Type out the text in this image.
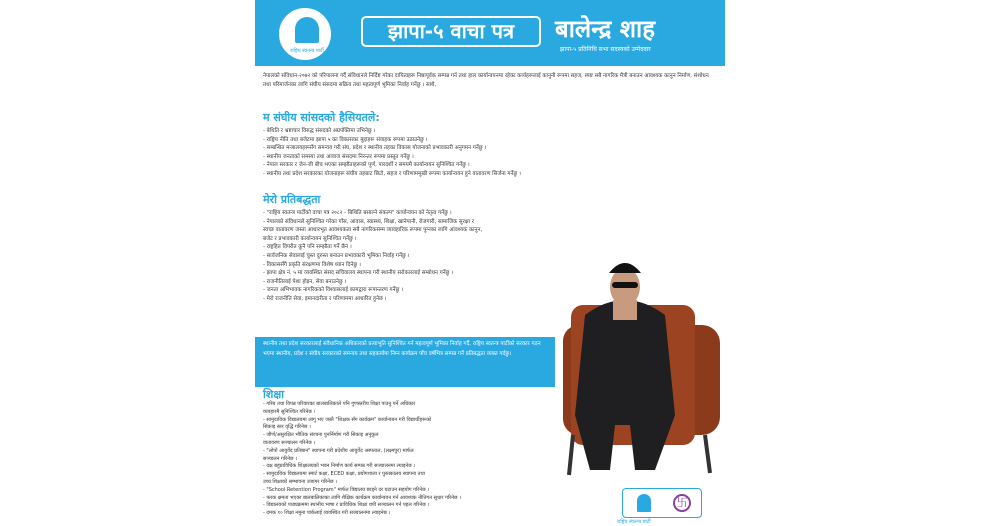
राष्ट्रिय स्वतन्त्र पार्टी
झापा-५ वाचा पत्र	बालेन्द्र शाह
झापा-५ प्रतिनिधि सभा सदस्यको उम्मेदवार

नेपालको संविधान-२०७२ को परिपालना गर्दै संविधानले निर्दिष्ट गरेका दायित्वहरू निष्ठापूर्वक सम्पन्न गर्न तथा हाल कार्यान्वयनमा रहेका कार्यहरूलाई कानुनी रूपमा सहज, स्पष्ट सबै नागरिक मैत्री बनाउन आवश्यक कानुन निर्माण, संशोधन तथा परिमार्जनका लागि संघीय संसदमा सक्रिय तथा महत्वपूर्ण भूमिका निर्वाह गर्नेछु । साथै,

म संघीय सांसदको हैसियतले:
- बेथिति र भ्रष्टाचार विरुद्ध संसदको अग्रपंक्तिमा उभिनेछु ।
- राष्ट्रिय नीति तथा बजेटमा झापा ५ का विकासका मुद्दाहरू संवाहक रूपमा उठाउनेछु ।
- सम्बन्धित मन्त्रालयहरूसँग समन्वय गरी संघ, प्रदेश र स्थानीय तहका विकास योजनाको प्रभावकारी अनुगमन गर्नेछु ।
- स्थानीय जनताको समस्या तथा आवाज संसदमा निरन्तर रूपमा प्रस्तुत गर्नेछु ।
- नेपाल सरकार र जेन-जी बीच भएका सम्झौताहरूको पूर्ण, पारदर्शी र समयमै कार्यान्वयन सुनिश्चित गर्नेछु ।
- स्थानीय तथा प्रदेश सरकारका योजनाहरू संघीय तहबाट छिटो, सहज र परिणाममुखी रूपमा कार्यान्वयन हुने वातावरण सिर्जना गर्नेछु ।
मेरो प्रतिबद्धता
- "राष्ट्रिय स्वतन्त्र पार्टीको वाचा पत्र २०८२ - बिथिति बसाल्ने संकल्प" कार्यान्वयन को नेतृत्व गर्नेछु ।
- नेपालको संविधानले सुनिश्चित गरेका गाँस, आवास, स्वास्थ्य, शिक्षा, खानेपानी, रोजगारी, सामाजिक सुरक्षा र
स्वच्छ वातावरण जस्ता आधारभूत आवश्यकता सबै नागरिकसम्म व्यावहारिक रूपमा पुग्नका लागि आवश्यक कानुन,
बजेट र प्रभावकारी कार्यान्वयन सुनिश्चित गर्नेछु ।
- राष्ट्रहित विपरीत कुनै पनि सम्झौता गर्ने छैन ।
- सार्वजनिक सेवालाई चुस्त दुरुस्त बनाउन प्रभावकारी भूमिका निर्वाह गर्नेछु ।
- विकाससँगै प्रकृति संरक्षणमा विशेष ध्यान दिनेछु ।
- झापा क्षेत्र नं. ५ मा व्यवस्थित संसद सचिवालय स्थापना गरी स्थानीय सरोकारलाई सम्बोधन गर्नेछु ।
- राजनीतिलाई पेशा होइन, सेवा बनाउनेछु ।
- जनता अभिभावक नागरिकको विश्वासलाई कामद्वारा रूपान्तरण गर्नेछु ।
- मेरो राजनीति सेवा, इमानदारीता र परिणाममा आधारित हुनेछ ।
स्थानीय तथा प्रदेश सरकारलाई संवैधानिक अधिकारको प्रत्याभूति सुनिश्चित गर्न महत्वपूर्ण भूमिका निर्वाह गर्दै, राष्ट्रिय स्वतन्त्र पार्टीको सरकार गठन भएमा स्थानीय, प्रदेश र संघीय सरकारको समन्वय तथा सहकार्यमा निम्न कार्यक्रम पाँच वर्षभित्र सम्पन्न गर्ने प्रतिबद्धता व्यक्त गर्दछु।
शिक्षा
- गरिब तथा विपन्न परिवारका बालबालिकाले पनि गुणस्तरीय शिक्षा पाउनु पर्ने अधिकार
व्यवहारमै सुनिश्चित गरिनेछ ।
- सामुदायिक विद्यालयमा लागु भए जस्तै "शिक्षक सँग कार्यक्रम" कार्यान्वयन गरी विद्यार्थीहरूको
सिकाइ स्तर वृद्धि गरिनेछ ।
- जीर्ण/असुरक्षित भौतिक संरचना पुनर्निर्माण गरी सिकाइ अनुकूल
वातावरण सञ्चालन गरिनेछ ।
- "लोपो आयुर्वेद प्रतिष्ठान" स्थापना गरी प्रदेशीय आयुर्वेद अस्पताल, (लक्ष्मपुर) मार्फत
सञ्चालन गरिनेछ ।
- दक्ष बहुप्राविधिक शिक्षालयको भवन निर्माण कार्य सम्पन्न गरी सञ्चालनमा ल्याइनेछ ।
- सामुदायिक विद्यालयमा स्मार्ट कक्षा, ECED कक्षा, प्रयोगशाला र पुस्तकालय स्थापना तथा
उच्च शिक्षाको सम्भावना उजागर गरिनेछ ।
- "School Retention Program" मार्फत विद्यालय छाड्ने दर घटाउन सहयोग गरिनेछ ।
- फरक क्षमता भएका बालबालिकाका लागि शैक्षिक कार्यक्रम कार्यान्वयन गर्न आवश्यक नीतिगत सुधार गरिनेछ ।
- विद्यालयको पाठ्यक्रममा स्थानीय भाषा र प्राविधिक शिक्षा थपी सञ्चालन गर्न पहल गरिनेछ ।
- दमक १० शिक्षा नमुना पार्कलाई व्यवस्थित गरी सञ्चालनमा ल्याइनेछ ।
卐
राष्ट्रिय स्वतन्त्र पार्टी
